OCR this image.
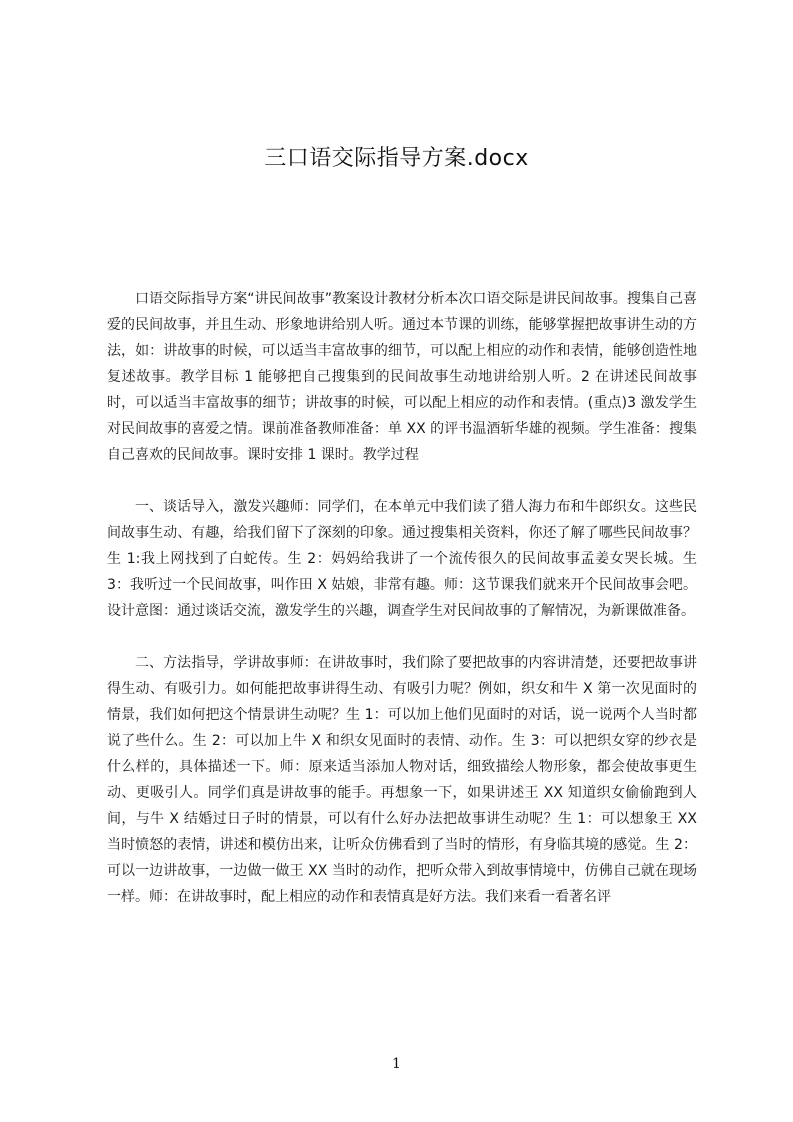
三口语交际指导方案.docx

口语交际指导方案“讲民间故事”教案设计教材分析本次口语交际是讲民间故事。搜集自己喜爱的民间故事，并且生动、形象地讲给别人听。通过本节课的训练，能够掌握把故事讲生动的方法，如：讲故事的时候，可以适当丰富故事的细节，可以配上相应的动作和表情，能够创造性地复述故事。教学目标 1 能够把自己搜集到的民间故事生动地讲给别人听。2 在讲述民间故事时，可以适当丰富故事的细节；讲故事的时候，可以配上相应的动作和表情。(重点)3 激发学生对民间故事的喜爱之情。课前准备教师准备：单 XX 的评书温酒斩华雄的视频。学生准备：搜集自己喜欢的民间故事。课时安排 1 课时。教学过程

一、谈话导入，激发兴趣师：同学们，在本单元中我们读了猎人海力布和牛郎织女。这些民间故事生动、有趣，给我们留下了深刻的印象。通过搜集相关资料，你还了解了哪些民间故事？生 1:我上网找到了白蛇传。生 2：妈妈给我讲了一个流传很久的民间故事孟姜女哭长城。生 3：我听过一个民间故事，叫作田 X 姑娘，非常有趣。师：这节课我们就来开个民间故事会吧。设计意图：通过谈话交流，激发学生的兴趣，调查学生对民间故事的了解情况，为新课做准备。

二、方法指导，学讲故事师：在讲故事时，我们除了要把故事的内容讲清楚，还要把故事讲得生动、有吸引力。如何能把故事讲得生动、有吸引力呢？例如，织女和牛 X 第一次见面时的情景，我们如何把这个情景讲生动呢？生 1：可以加上他们见面时的对话，说一说两个人当时都说了些什么。生 2：可以加上牛 X 和织女见面时的表情、动作。生 3：可以把织女穿的纱衣是什么样的，具体描述一下。师：原来适当添加人物对话，细致描绘人物形象，都会使故事更生动、更吸引人。同学们真是讲故事的能手。再想象一下，如果讲述王 XX 知道织女偷偷跑到人间，与牛 X 结婚过日子时的情景，可以有什么好办法把故事讲生动呢？生 1：可以想象王 XX 当时愤怒的表情，讲述和模仿出来，让听众仿佛看到了当时的情形，有身临其境的感觉。生 2：可以一边讲故事，一边做一做王 XX 当时的动作，把听众带入到故事情境中，仿佛自己就在现场一样。师：在讲故事时，配上相应的动作和表情真是好方法。我们来看一看著名评

1
